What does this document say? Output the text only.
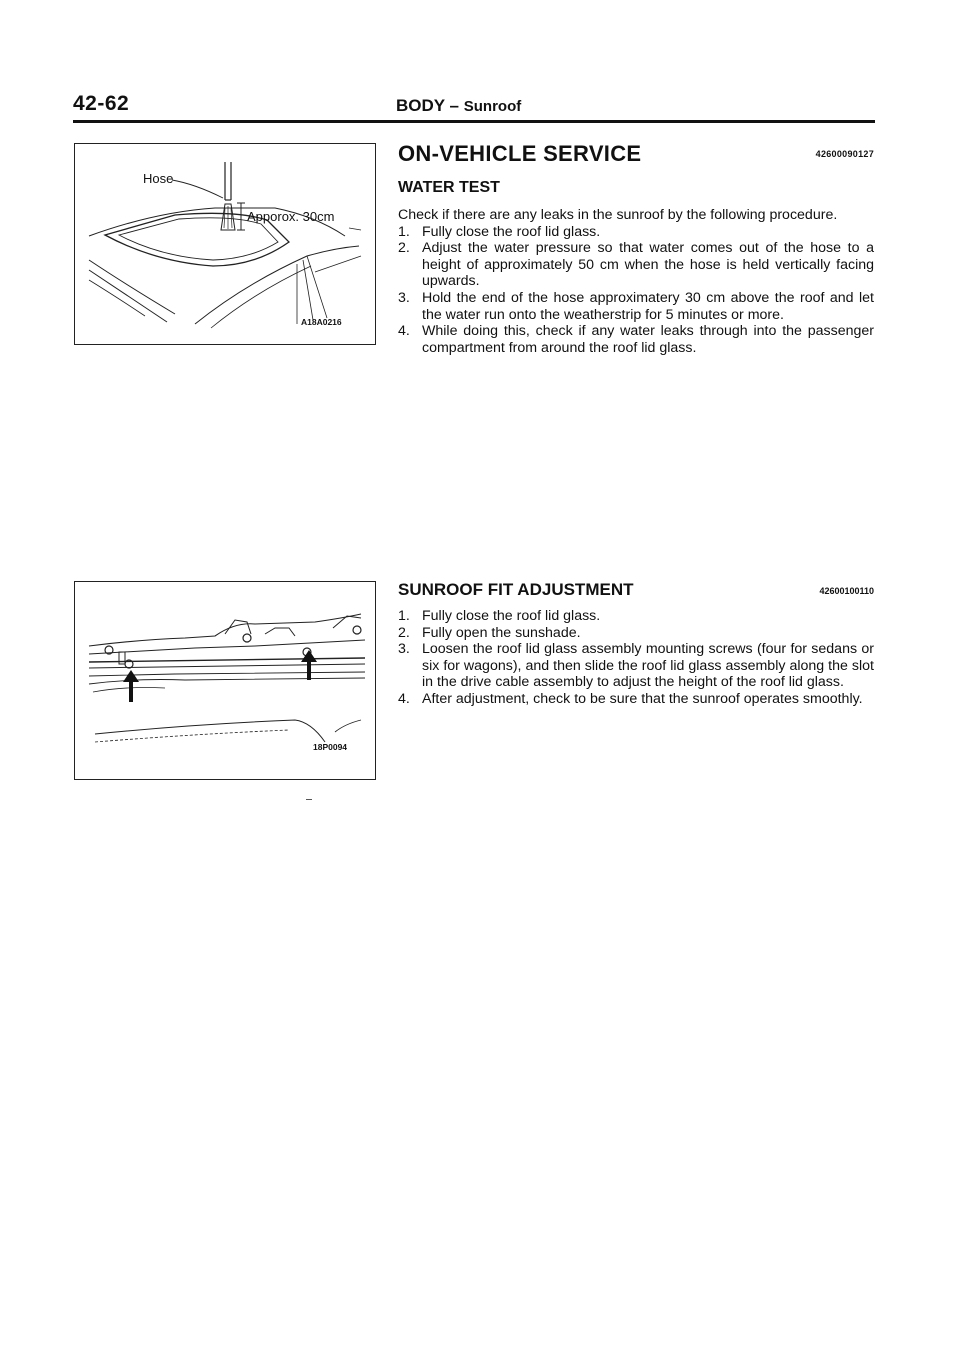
42-62	BODY – Sunroof
Hose
Apporox. 30cm
A18A0216
18P0094
ON-VEHICLE SERVICE	42600090127
WATER TEST

Check if there are any leaks in the sunroof by the following procedure.

1. Fully close the roof lid glass.
2. Adjust the water pressure so that water comes out of the hose to a height of approximately 50 cm when the hose is held vertically facing upwards.
3. Hold the end of the hose approximatery 30 cm above the roof and let the water run onto the weatherstrip for 5 minutes or more.
4. While doing this, check if any water leaks through into the passenger compartment from around the roof lid glass.
SUNROOF FIT ADJUSTMENT	42600100110
1. Fully close the roof lid glass.
2. Fully open the sunshade.
3. Loosen the roof lid glass assembly mounting screws (four for sedans or six for wagons), and then slide the roof lid glass assembly along the slot in the drive cable assembly to adjust the height of the roof lid glass.
4. After adjustment, check to be sure that the sunroof operates smoothly.
